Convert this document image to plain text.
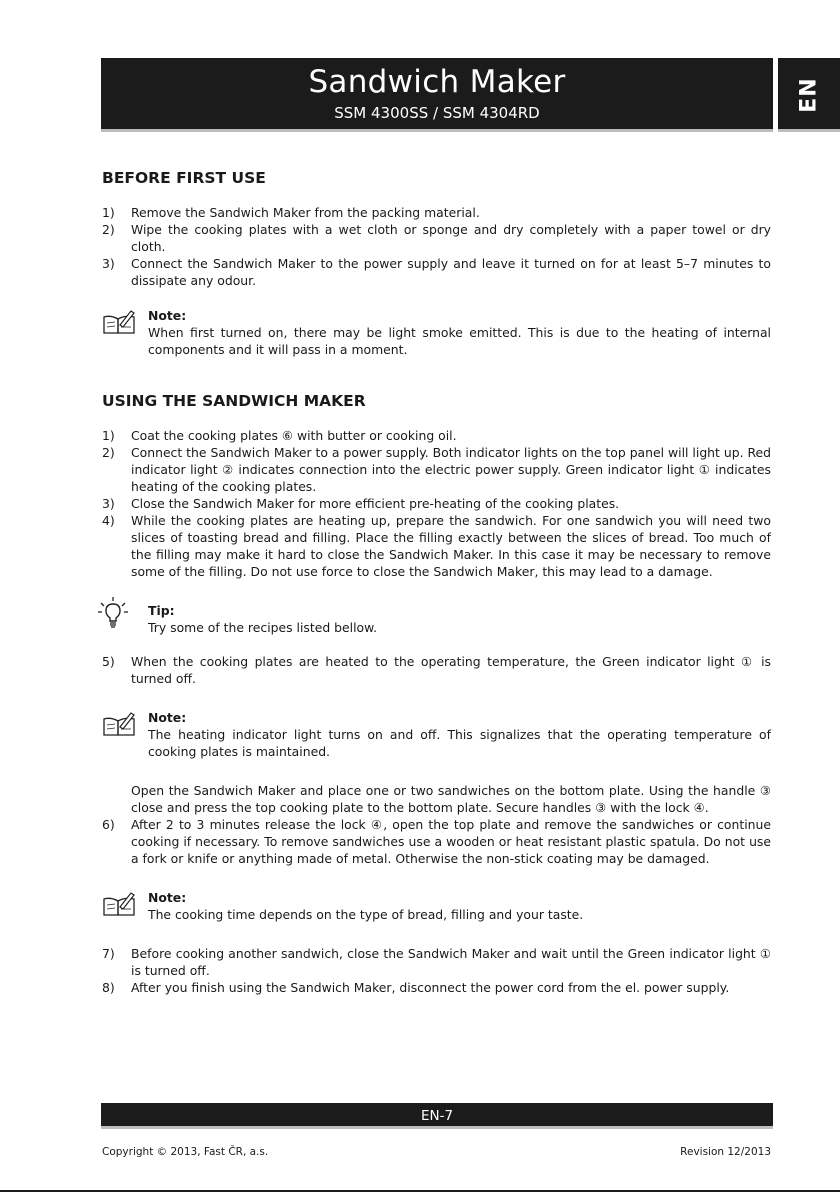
Sandwich Maker
SSM 4300SS / SSM 4304RD
EN
BEFORE FIRST USE
1) Remove the Sandwich Maker from the packing material.
2) Wipe the cooking plates with a wet cloth or sponge and dry completely with a paper towel or dry cloth.
3) Connect the Sandwich Maker to the power supply and leave it turned on for at least 5–7 minutes to dissipate any odour.
Note:
When first turned on, there may be light smoke emitted. This is due to the heating of internal components and it will pass in a moment.
USING THE SANDWICH MAKER
1) Coat the cooking plates ⑥ with butter or cooking oil.
2) Connect the Sandwich Maker to a power supply. Both indicator lights on the top panel will light up. Red indicator light ② indicates connection into the electric power supply. Green indicator light ① indicates heating of the cooking plates.
3) Close the Sandwich Maker for more efficient pre-heating of the cooking plates.
4) While the cooking plates are heating up, prepare the sandwich. For one sandwich you will need two slices of toasting bread and filling. Place the filling exactly between the slices of bread. Too much of the filling may make it hard to close the Sandwich Maker. In this case it may be necessary to remove some of the filling. Do not use force to close the Sandwich Maker, this may lead to a damage.
Tip:
Try some of the recipes listed bellow.
5) When the cooking plates are heated to the operating temperature, the Green indicator light ① is turned off.
Note:
The heating indicator light turns on and off. This signalizes that the operating temperature of cooking plates is maintained.
Open the Sandwich Maker and place one or two sandwiches on the bottom plate. Using the handle ③ close and press the top cooking plate to the bottom plate. Secure handles ③ with the lock ④.
6) After 2 to 3 minutes release the lock ④, open the top plate and remove the sandwiches or continue cooking if necessary. To remove sandwiches use a wooden or heat resistant plastic spatula. Do not use a fork or knife or anything made of metal. Otherwise the non-stick coating may be damaged.
Note:
The cooking time depends on the type of bread, filling and your taste.
7) Before cooking another sandwich, close the Sandwich Maker and wait until the Green indicator light ① is turned off.
8) After you finish using the Sandwich Maker, disconnect the power cord from the el. power supply.
EN-7
Copyright © 2013, Fast ČR, a.s.	Revision 12/2013
